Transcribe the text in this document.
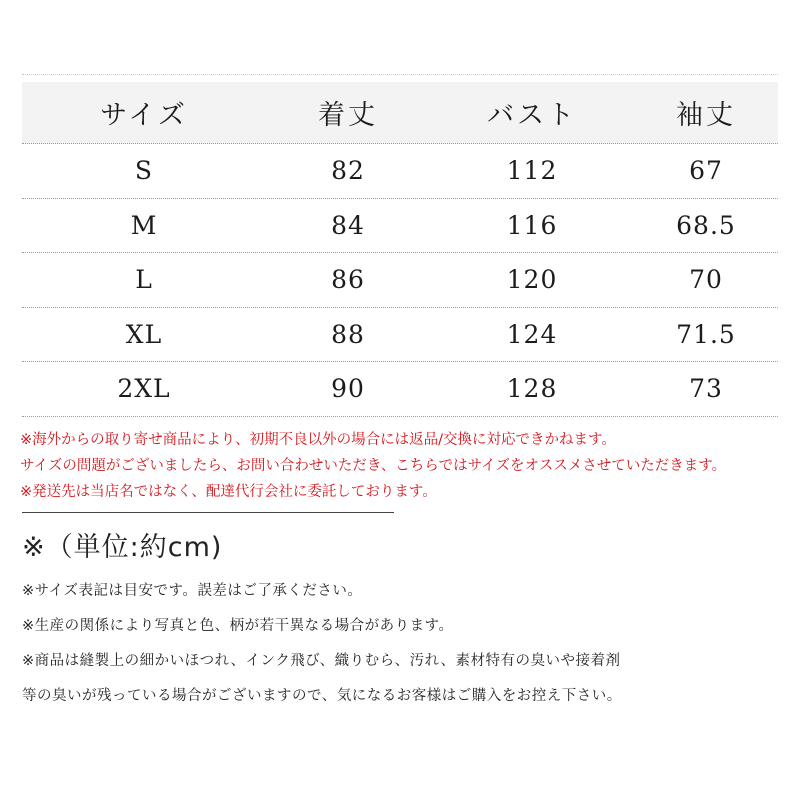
サイズ	着丈	バスト	袖丈
S	82	112	67
M	84	116	68.5
L	86	120	70
XL	88	124	71.5
2XL	90	128	73
※海外からの取り寄せ商品により、初期不良以外の場合には返品/交換に対応できかねます。
サイズの問題がございましたら、お問い合わせいただき、こちらではサイズをオススメさせていただきます。
※発送先は当店名ではなく、配達代行会社に委託しております。
※（単位:約cm)
※サイズ表記は目安です。誤差はご了承ください。
※生産の関係により写真と色、柄が若干異なる場合があります。
※商品は縫製上の細かいほつれ、インク飛び、織りむら、汚れ、素材特有の臭いや接着剤
等の臭いが残っている場合がございますので、気になるお客様はご購入をお控え下さい。
